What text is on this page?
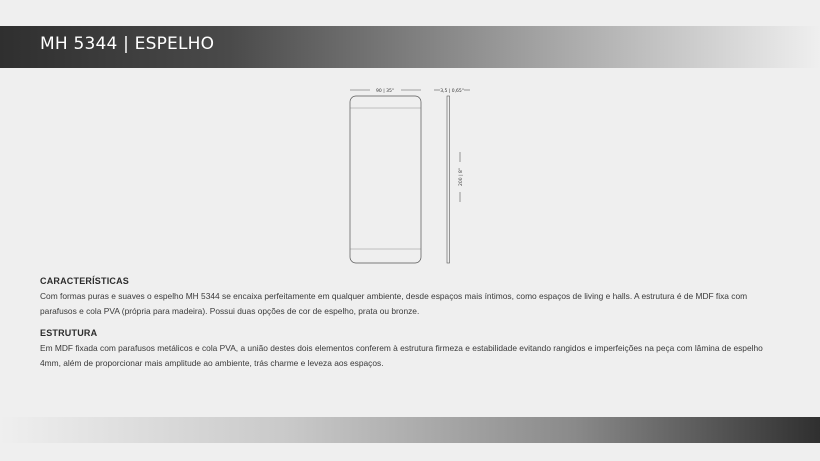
MH 5344 | ESPELHO
90 | 35"	3,5 | 0,65"
200 | 8"

CARACTERÍSTICAS

Com formas puras e suaves o espelho MH 5344 se encaixa perfeitamente em qualquer ambiente, desde espaços mais íntimos, como espaços de living e halls. A estrutura é de MDF fixa com parafusos e cola PVA (própria para madeira). Possui duas opções de cor de espelho, prata ou bronze.

ESTRUTURA

Em MDF fixada com parafusos metálicos e cola PVA, a união destes dois elementos conferem à estrutura firmeza e estabilidade evitando rangidos e imperfeições na peça com lâmina de espelho 4mm, além de proporcionar mais amplitude ao ambiente, trás charme e leveza aos espaços.
